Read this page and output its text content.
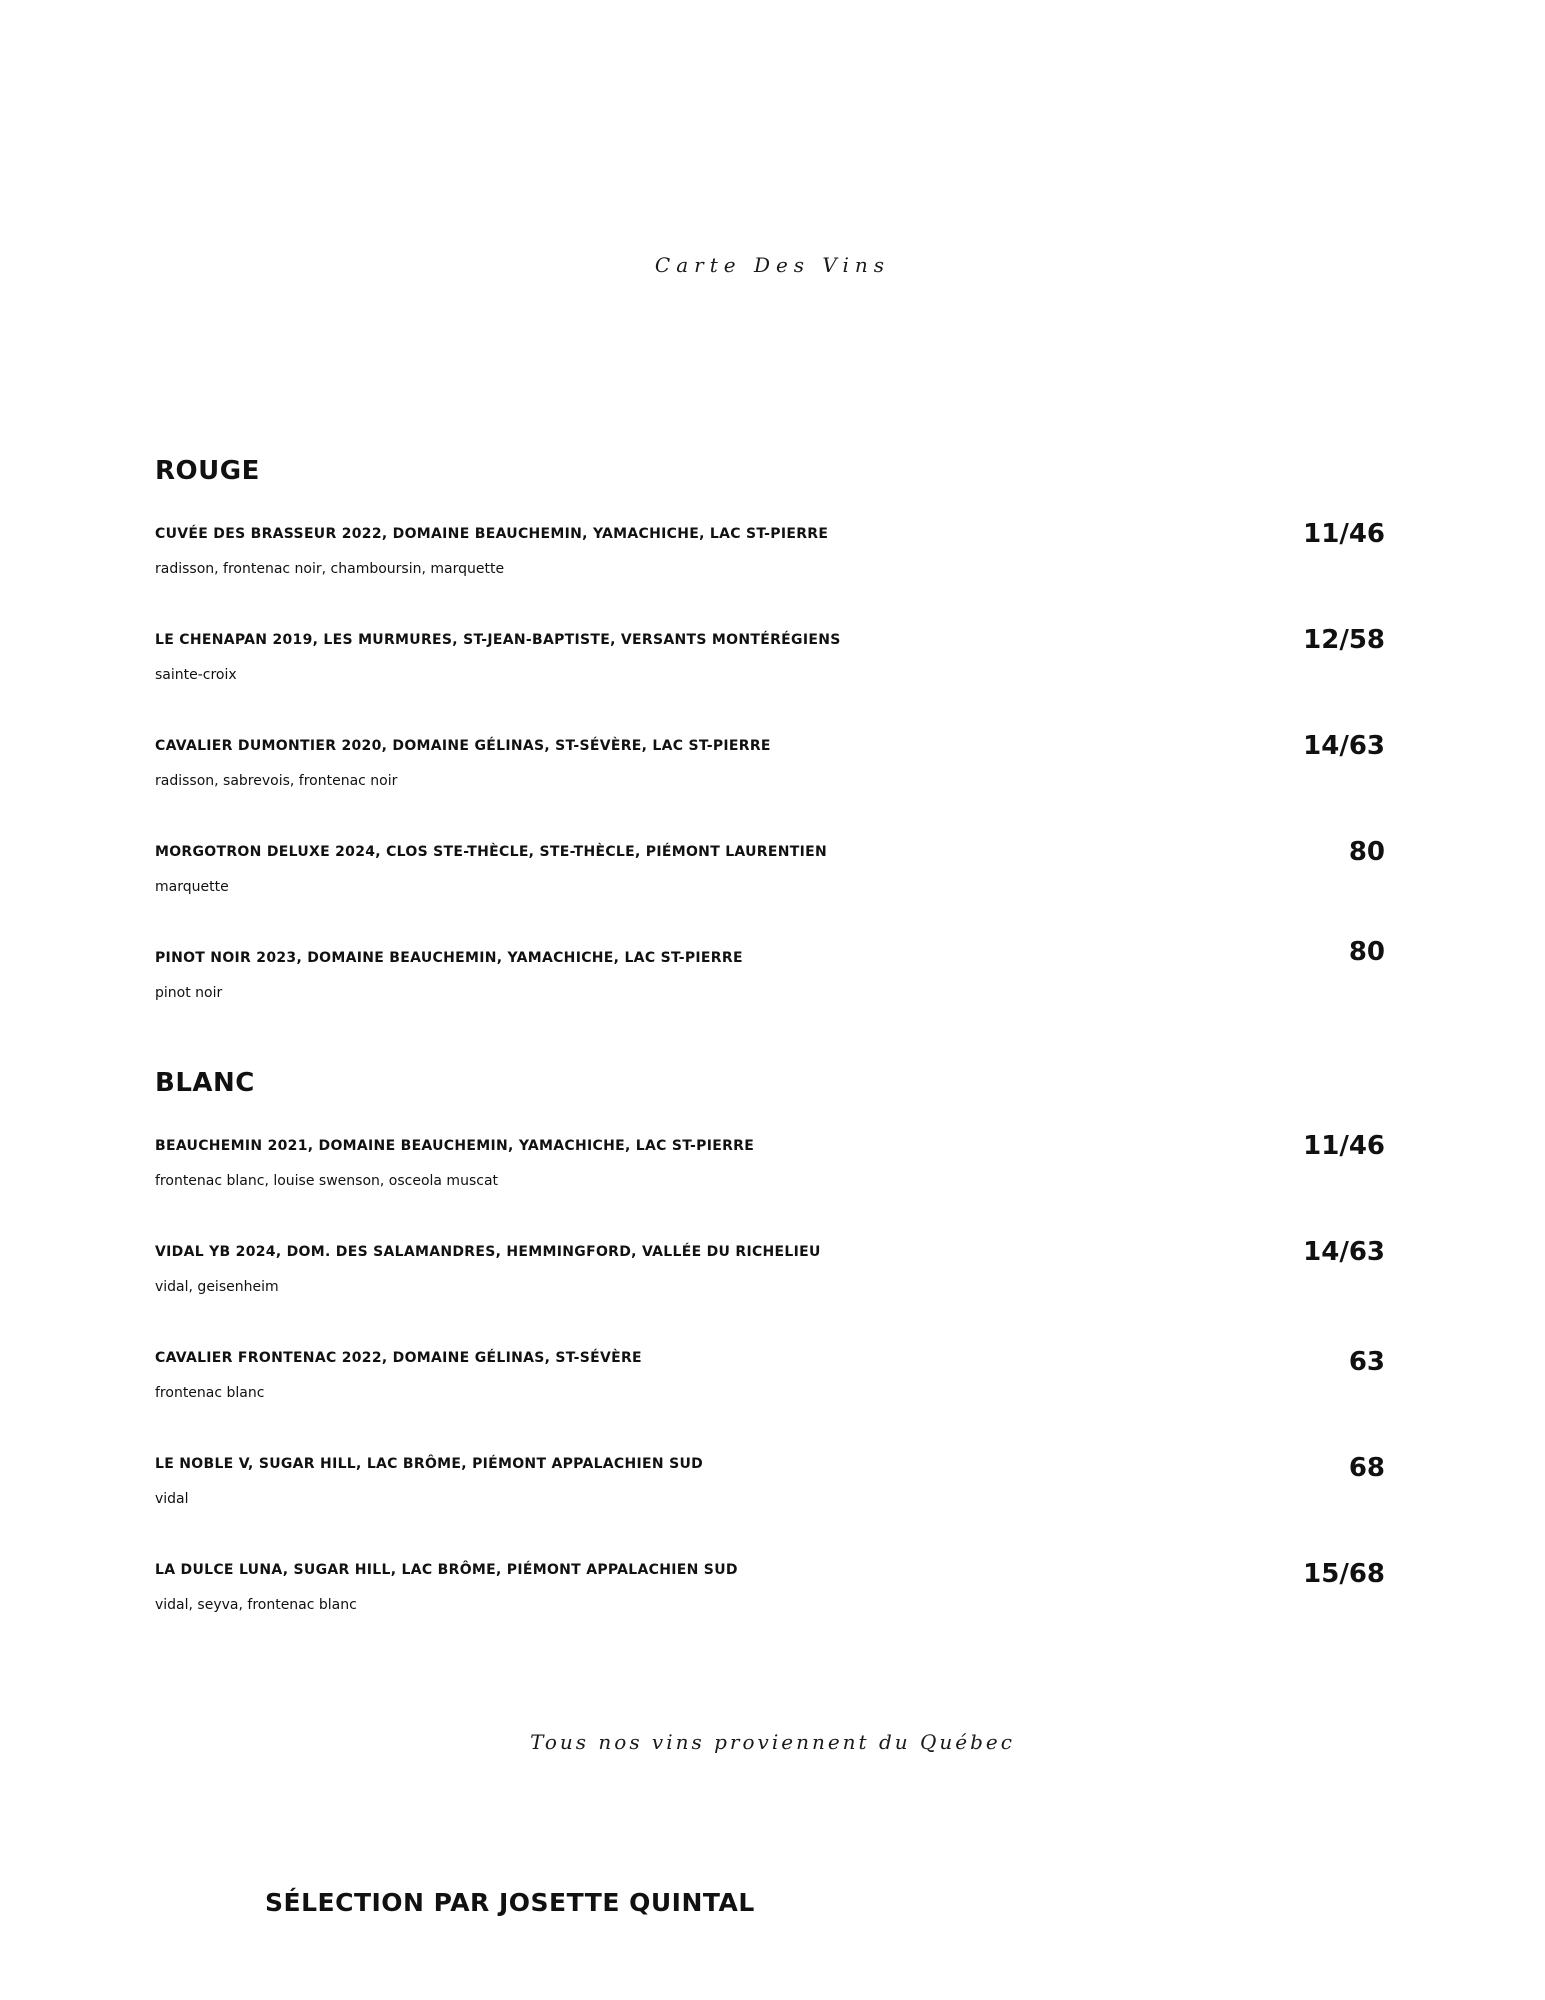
Carte Des Vins
ROUGE
CUVÉE DES BRASSEUR 2022, DOMAINE BEAUCHEMIN, YAMACHICHE, LAC ST-PIERRE
radisson, frontenac noir, chamboursin, marquette
11/46
LE CHENAPAN 2019, LES MURMURES, ST-JEAN-BAPTISTE, VERSANTS MONTÉRÉGIENS
sainte-croix
12/58
CAVALIER DUMONTIER 2020, DOMAINE GÉLINAS, ST-SÉVÈRE, LAC ST-PIERRE
radisson, sabrevois, frontenac noir
14/63
MORGOTRON DELUXE 2024, CLOS STE-THÈCLE, STE-THÈCLE, PIÉMONT LAURENTIEN
marquette
80
PINOT NOIR 2023, DOMAINE BEAUCHEMIN, YAMACHICHE, LAC ST-PIERRE
pinot noir
80
BLANC
BEAUCHEMIN 2021, DOMAINE BEAUCHEMIN, YAMACHICHE, LAC ST-PIERRE
frontenac blanc, louise swenson, osceola muscat
11/46
VIDAL YB 2024, DOM. DES SALAMANDRES, HEMMINGFORD, VALLÉE DU RICHELIEU
vidal, geisenheim
14/63
CAVALIER FRONTENAC 2022, DOMAINE GÉLINAS, ST-SÉVÈRE
frontenac blanc
63
LE NOBLE V, SUGAR HILL, LAC BRÔME, PIÉMONT APPALACHIEN SUD
vidal
68
LA DULCE LUNA, SUGAR HILL, LAC BRÔME, PIÉMONT APPALACHIEN SUD
vidal, seyva, frontenac blanc
15/68
Tous nos vins proviennent du Québec
SÉLECTION PAR JOSETTE QUINTAL
